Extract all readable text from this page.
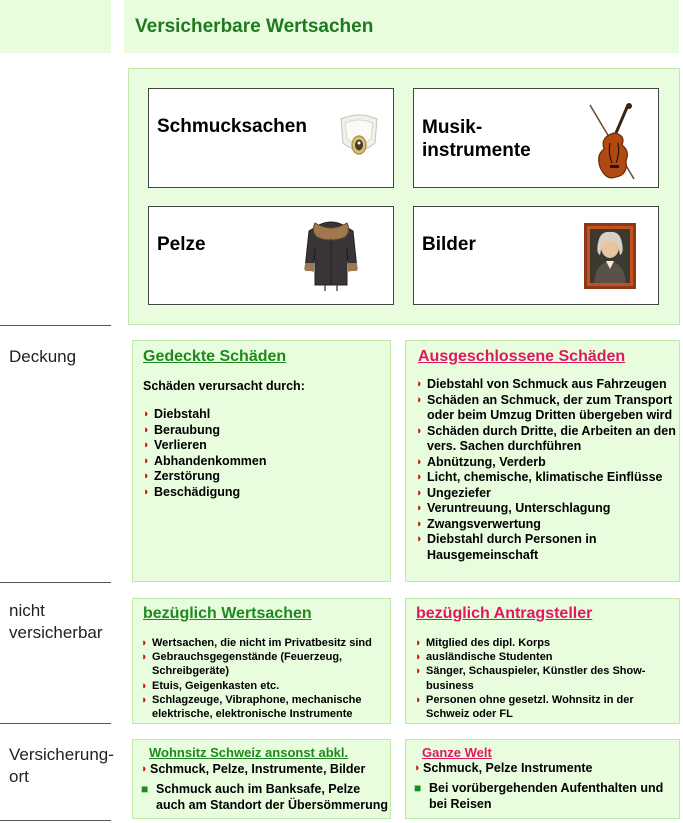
Versicherbare Wertsachen
Schmucksachen	Musik-
instrumente
Pelze	Bilder
Deckung
nicht
versicherbar
Versicherung-
ort
Gedeckte Schäden
Schäden verursacht durch:
◗ Diebstahl
◗ Beraubung
◗ Verlieren
◗ Abhandenkommen
◗ Zerstörung
◗ Beschädigung
Ausgeschlossene Schäden
◗ Diebstahl von Schmuck aus Fahrzeugen
◗ Schäden an Schmuck, der zum Transport oder beim Umzug Dritten übergeben wird
◗ Schäden durch Dritte, die Arbeiten an den vers. Sachen durchführen
◗ Abnützung, Verderb
◗ Licht, chemische, klimatische Einflüsse
◗ Ungeziefer
◗ Veruntreuung, Unterschlagung
◗ Zwangsverwertung
◗ Diebstahl durch Personen in Hausgemeinschaft
bezüglich Wertsachen
◗ Wertsachen, die nicht im Privatbesitz sind
◗ Gebrauchsgegenstände (Feuerzeug, Schreibgeräte)
◗ Etuis, Geigenkasten etc.
◗ Schlagzeuge, Vibraphone, mechanische elektrische, elektronische Instrumente
bezüglich Antragsteller
◗ Mitglied des dipl. Korps
◗ ausländische Studenten
◗ Sänger, Schauspieler, Künstler des Show-business
◗ Personen ohne gesetzl. Wohnsitz in der Schweiz oder FL
Wohnsitz Schweiz ansonst abkl.
◗ Schmuck, Pelze, Instrumente, Bilder
■ Schmuck auch im Banksafe, Pelze auch am Standort der Übersömmerung
Ganze Welt
◗ Schmuck, Pelze Instrumente
■ Bei vorübergehenden Aufenthalten und bei Reisen
